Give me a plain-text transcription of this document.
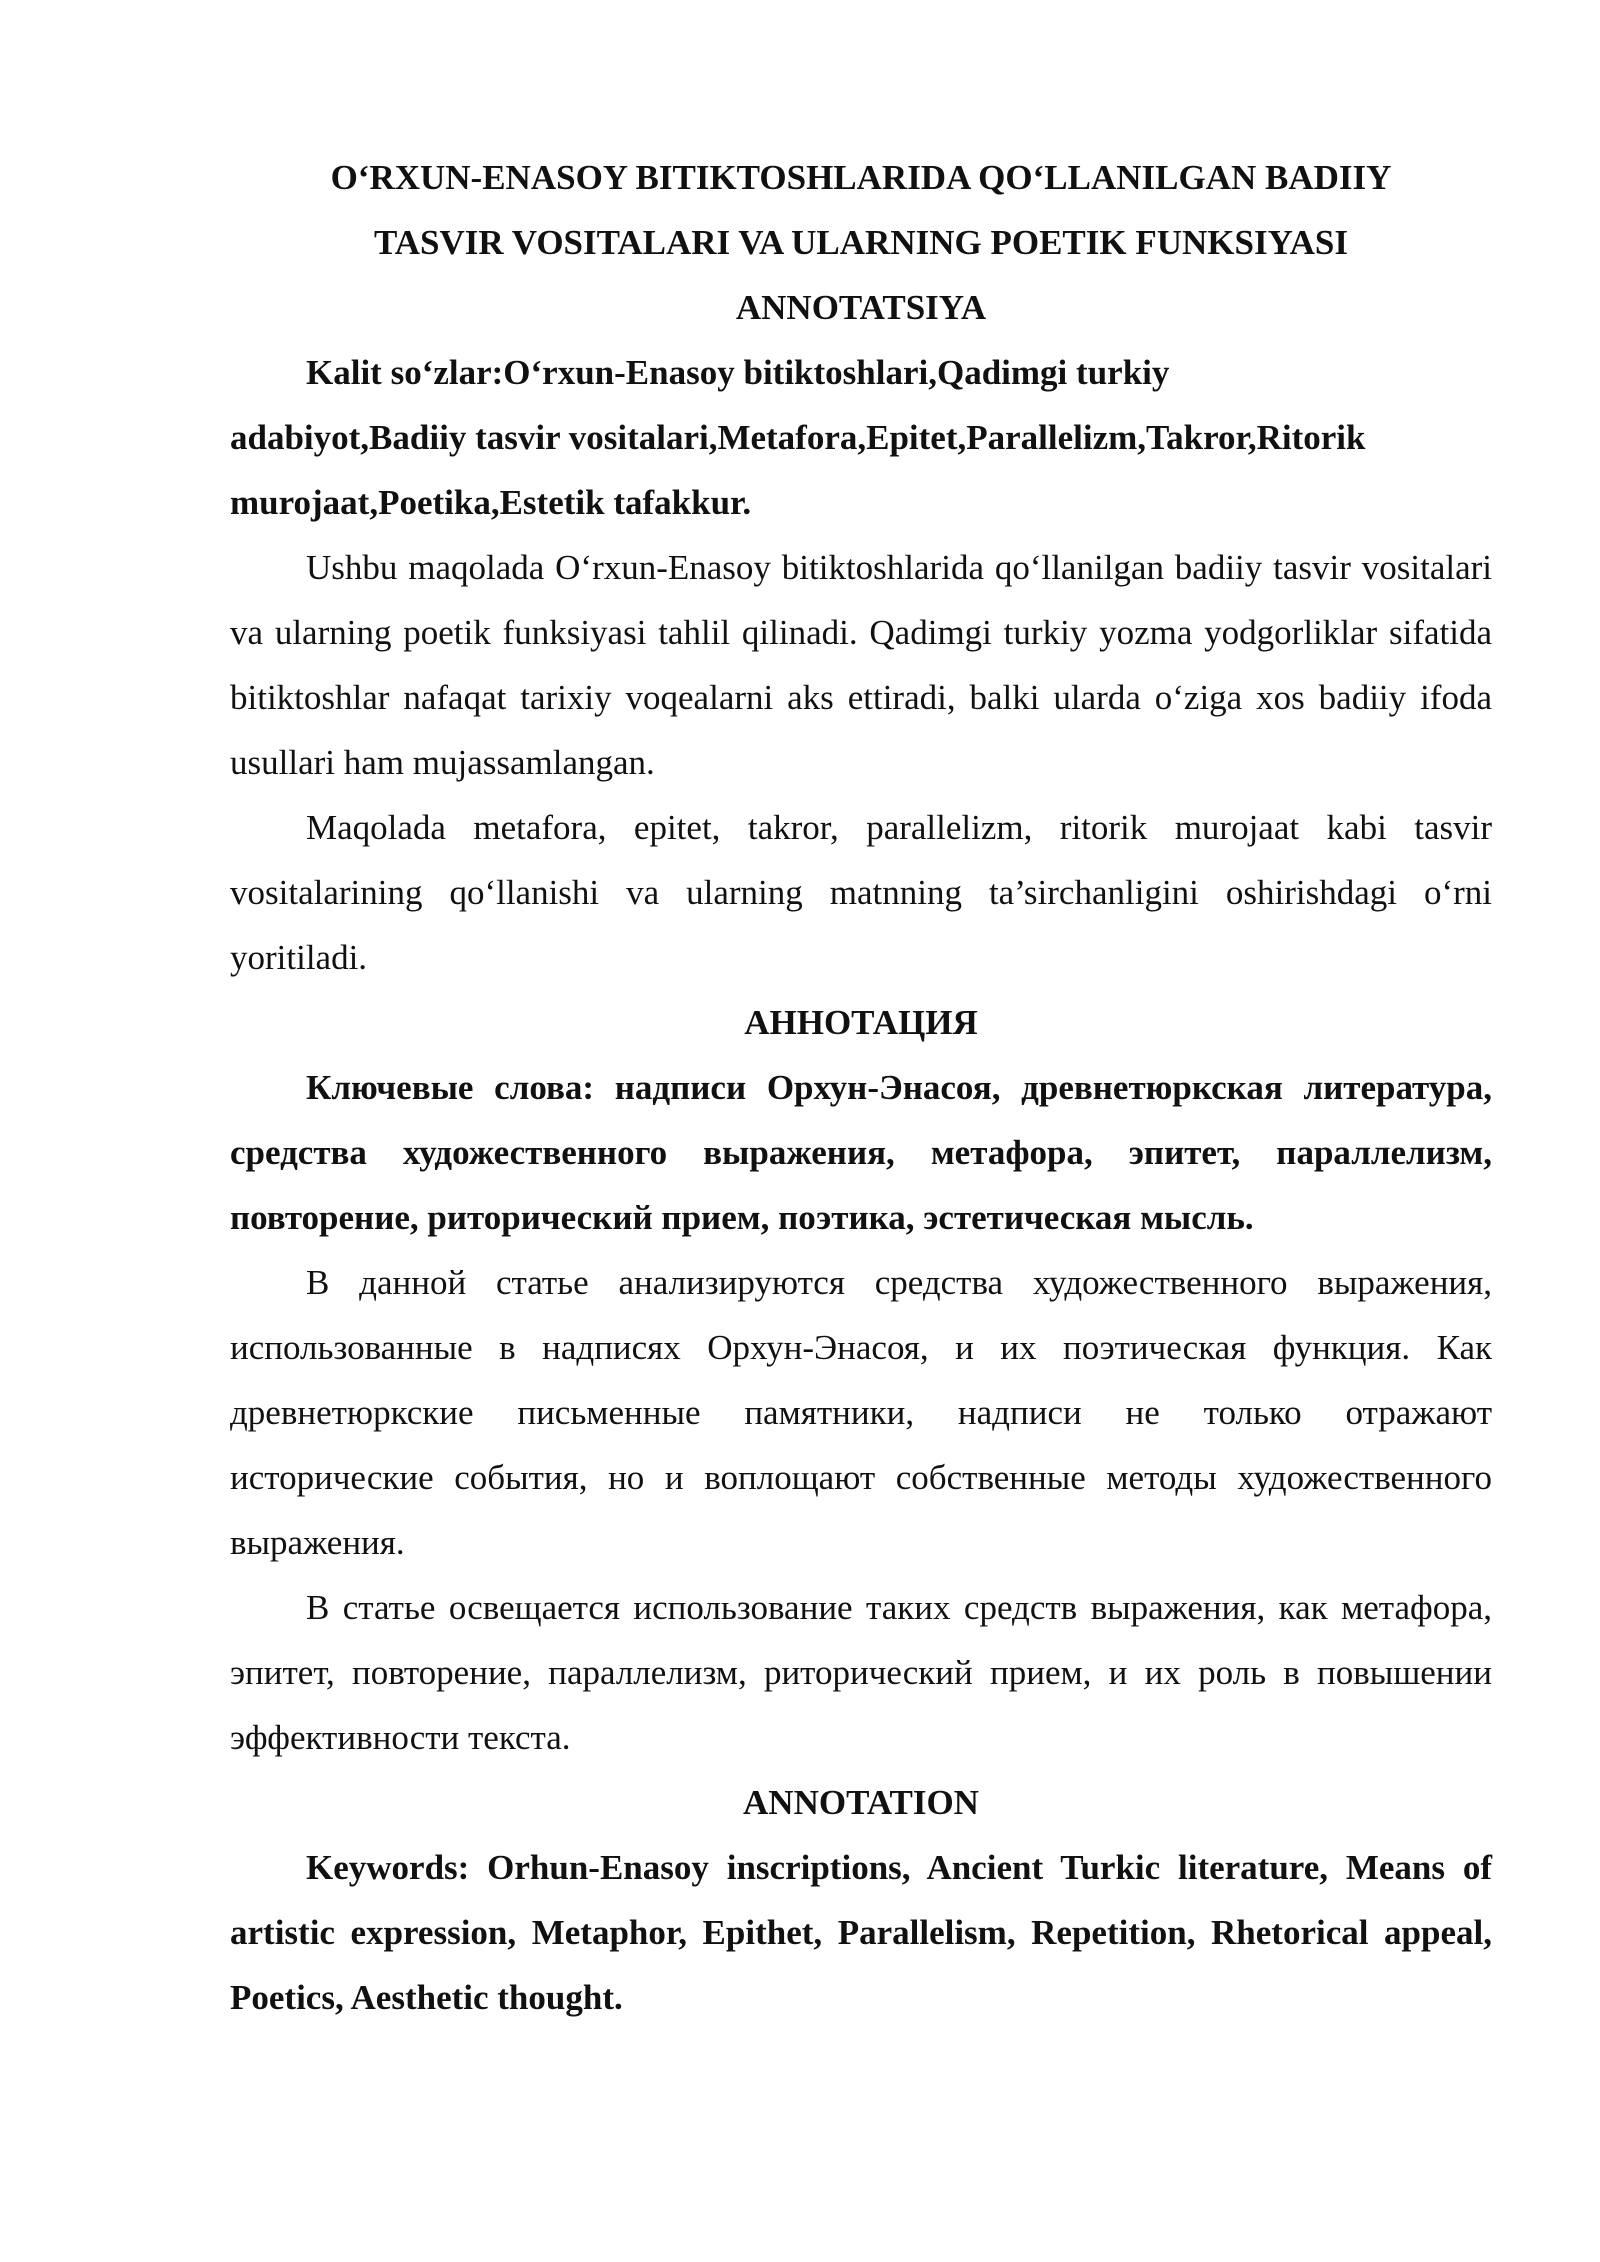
O‘RXUN-ENASOY BITIKTOSHLARIDA QO‘LLANILGAN BADIIY
TASVIR VOSITALARI VA ULARNING POETIK FUNKSIYASI
ANNOTATSIYA

Kalit so‘zlar:O‘rxun-Enasoy bitiktoshlari,Qadimgi turkiy
adabiyot,Badiiy tasvir vositalari,Metafora,Epitet,Parallelizm,Takror,Ritorik
murojaat,Poetika,Estetik tafakkur.

Ushbu maqolada O‘rxun-Enasoy bitiktoshlarida qo‘llanilgan badiiy tasvir vositalari va ularning poetik funksiyasi tahlil qilinadi. Qadimgi turkiy yozma yodgorliklar sifatida bitiktoshlar nafaqat tarixiy voqealarni aks ettiradi, balki ularda o‘ziga xos badiiy ifoda usullari ham mujassamlangan.

Maqolada metafora, epitet, takror, parallelizm, ritorik murojaat kabi tasvir vositalarining qo‘llanishi va ularning matnning ta’sirchanligini oshirishdagi o‘rni yoritiladi.

АННОТАЦИЯ

Ключевые слова: надписи Орхун-Энасоя, древнетюркская литература, средства художественного выражения, метафора, эпитет, параллелизм, повторение, риторический прием, поэтика, эстетическая мысль.

В данной статье анализируются средства художественного выражения, использованные в надписях Орхун-Энасоя, и их поэтическая функция. Как древнетюркские письменные памятники, надписи не только отражают исторические события, но и воплощают собственные методы художественного выражения.

В статье освещается использование таких средств выражения, как метафора, эпитет, повторение, параллелизм, риторический прием, и их роль в повышении эффективности текста.

ANNOTATION

Keywords: Orhun-Enasoy inscriptions, Ancient Turkic literature, Means of artistic expression, Metaphor, Epithet, Parallelism, Repetition, Rhetorical appeal, Poetics, Aesthetic thought.
